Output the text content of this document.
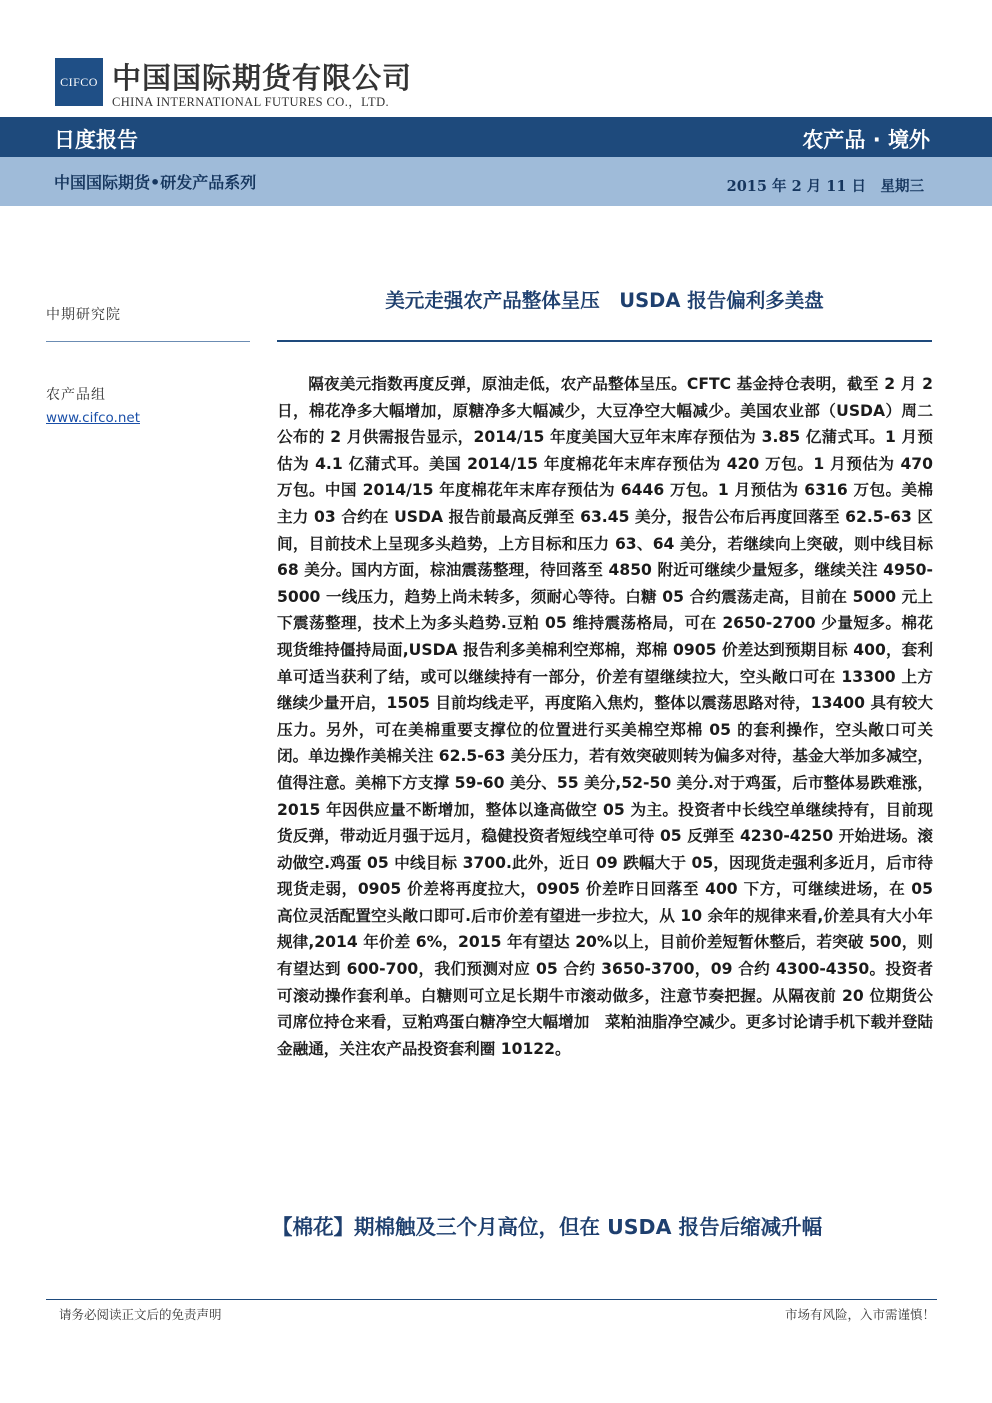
CIFCO 中国国际期货有限公司
CHINA INTERNATIONAL FUTURES CO.，LTD.
日度报告	农产品 · 境外
中国国际期货•研发产品系列	2015 年 2 月 11 日　星期三

中期研究院

农产品组
www.cifco.net
美元走强农产品整体呈压　USDA 报告偏利多美盘

隔夜美元指数再度反弹，原油走低，农产品整体呈压。CFTC 基金持仓表明，截至 2 月 2 日，棉花净多大幅增加，原糖净多大幅减少，大豆净空大幅减少。美国农业部（USDA）周二公布的 2 月供需报告显示，2014/15 年度美国大豆年末库存预估为 3.85 亿蒲式耳。1 月预估为 4.1 亿蒲式耳。美国 2014/15 年度棉花年末库存预估为 420 万包。1 月预估为 470 万包。中国 2014/15 年度棉花年末库存预估为 6446 万包。1 月预估为 6316 万包。美棉主力 03 合约在 USDA 报告前最高反弹至 63.45 美分，报告公布后再度回落至 62.5-63 区间，目前技术上呈现多头趋势，上方目标和压力 63、64 美分，若继续向上突破，则中线目标 68 美分。国内方面，棕油震荡整理，待回落至 4850 附近可继续少量短多，继续关注 4950-5000 一线压力，趋势上尚未转多，须耐心等待。白糖 05 合约震荡走高，目前在 5000 元上下震荡整理，技术上为多头趋势.豆粕 05 维持震荡格局，可在 2650-2700 少量短多。棉花现货维持僵持局面,USDA 报告利多美棉利空郑棉，郑棉 0905 价差达到预期目标 400，套利单可适当获利了结，或可以继续持有一部分，价差有望继续拉大，空头敞口可在 13300 上方继续少量开启，1505 目前均线走平，再度陷入焦灼，整体以震荡思路对待，13400 具有较大压力。另外，可在美棉重要支撑位的位置进行买美棉空郑棉 05 的套利操作，空头敞口可关闭。单边操作美棉关注 62.5-63 美分压力，若有效突破则转为偏多对待，基金大举加多减空，值得注意。美棉下方支撑 59-60 美分、55 美分,52-50 美分.对于鸡蛋，后市整体易跌难涨，2015 年因供应量不断增加，整体以逢高做空 05 为主。投资者中长线空单继续持有，目前现货反弹，带动近月强于远月，稳健投资者短线空单可待 05 反弹至 4230-4250 开始进场。滚动做空.鸡蛋 05 中线目标 3700.此外，近日 09 跌幅大于 05，因现货走强利多近月，后市待现货走弱，0905 价差将再度拉大，0905 价差昨日回落至 400 下方，可继续进场，在 05 高位灵活配置空头敞口即可.后市价差有望进一步拉大，从 10 余年的规律来看,价差具有大小年规律,2014 年价差 6%，2015 年有望达 20%以上，目前价差短暂休整后，若突破 500，则有望达到 600-700，我们预测对应 05 合约 3650-3700，09 合约 4300-4350。投资者可滚动操作套利单。白糖则可立足长期牛市滚动做多，注意节奏把握。从隔夜前 20 位期货公司席位持仓来看，豆粕鸡蛋白糖净空大幅增加　菜粕油脂净空减少。更多讨论请手机下载并登陆金融通，关注农产品投资套利圈 10122。

【棉花】期棉触及三个月高位，但在 USDA 报告后缩减升幅
请务必阅读正文后的免责声明	市场有风险，入市需谨慎！
